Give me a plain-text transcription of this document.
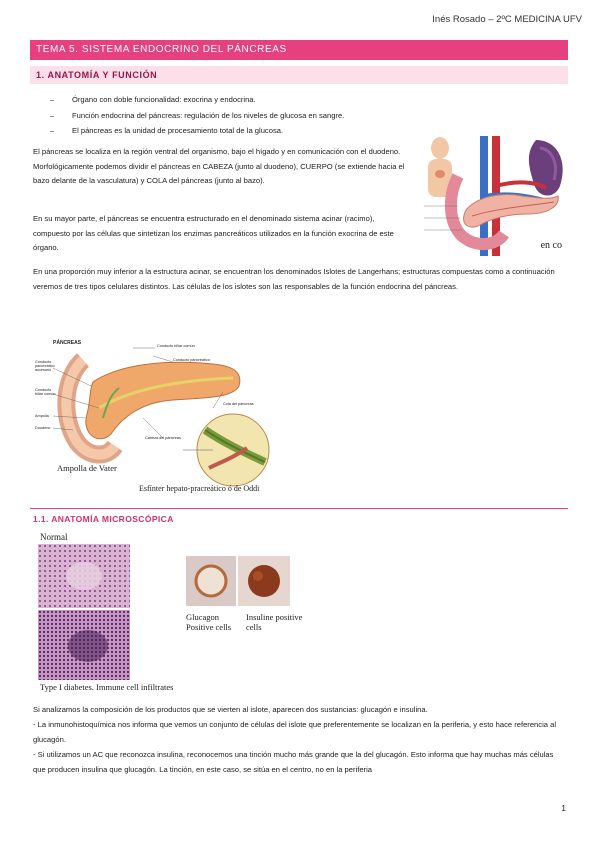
Inés Rosado – 2ºC MEDICINA UFV
TEMA 5. SISTEMA ENDOCRINO DEL PÁNCREAS
1. ANATOMÍA Y FUNCIÓN
– Órgano con doble funcionalidad: exocrina y endocrina.
– Función endocrina del páncreas: regulación de los niveles de glucosa en sangre.
– El páncreas es la unidad de procesamiento total de la glucosa.
El páncreas se localiza en la región ventral del organismo, bajo el hígado y en comunicación con el duodeno. Morfológicamente podemos dividir el páncreas en CABEZA (junto al duodeno), CUERPO (se extiende hacia el bazo delante de la vasculatura) y COLA del páncreas (junto al bazo).
En su mayor parte, el páncreas se encuentra estructurado en el denominado sistema acinar (racimo), compuesto por las células que sintetizan los enzimas pancreáticos utilizados en la función exocrina de este órgano.
En una proporción muy inferior a la estructura acinar, se encuentran los denominados Islotes de Langerhans; estructuras compuestas como a continuación veremos de tres tipos celulares distintos. Las células de los islotes son las responsables de la función endocrina del páncreas.
en co
PÁNCREAS	Conducto biliar común
Conducto pancreático
Conducto pancreático accesorio
Conducto biliar común
Ampolla
Duodeno
Cabeza del páncreas
Cola del páncreas
Ampolla de Vater
Esfínter hepato-pracreático ó de Oddi
1.1. ANATOMÍA MICROSCÓPICA
Normal
Type I diabetes. Immune cell infiltrates
Glucagon Positive cells
Insuline positive cells
Si analizamos la composición de los productos que se vierten al islote, aparecen dos sustancias: glucagón e insulina.
- La inmunohistoquímica nos informa que vemos un conjunto de células del islote que preferentemente se localizan en la periferia, y esto hace referencia al glucagón.
- Si utilizamos un AC que reconozca insulina, reconocemos una tinción mucho más grande que la del glucagón. Esto informa que hay muchas más células que producen insulina que glucagón. La tinción, en este caso, se sitúa en el centro, no en la periferia
1
